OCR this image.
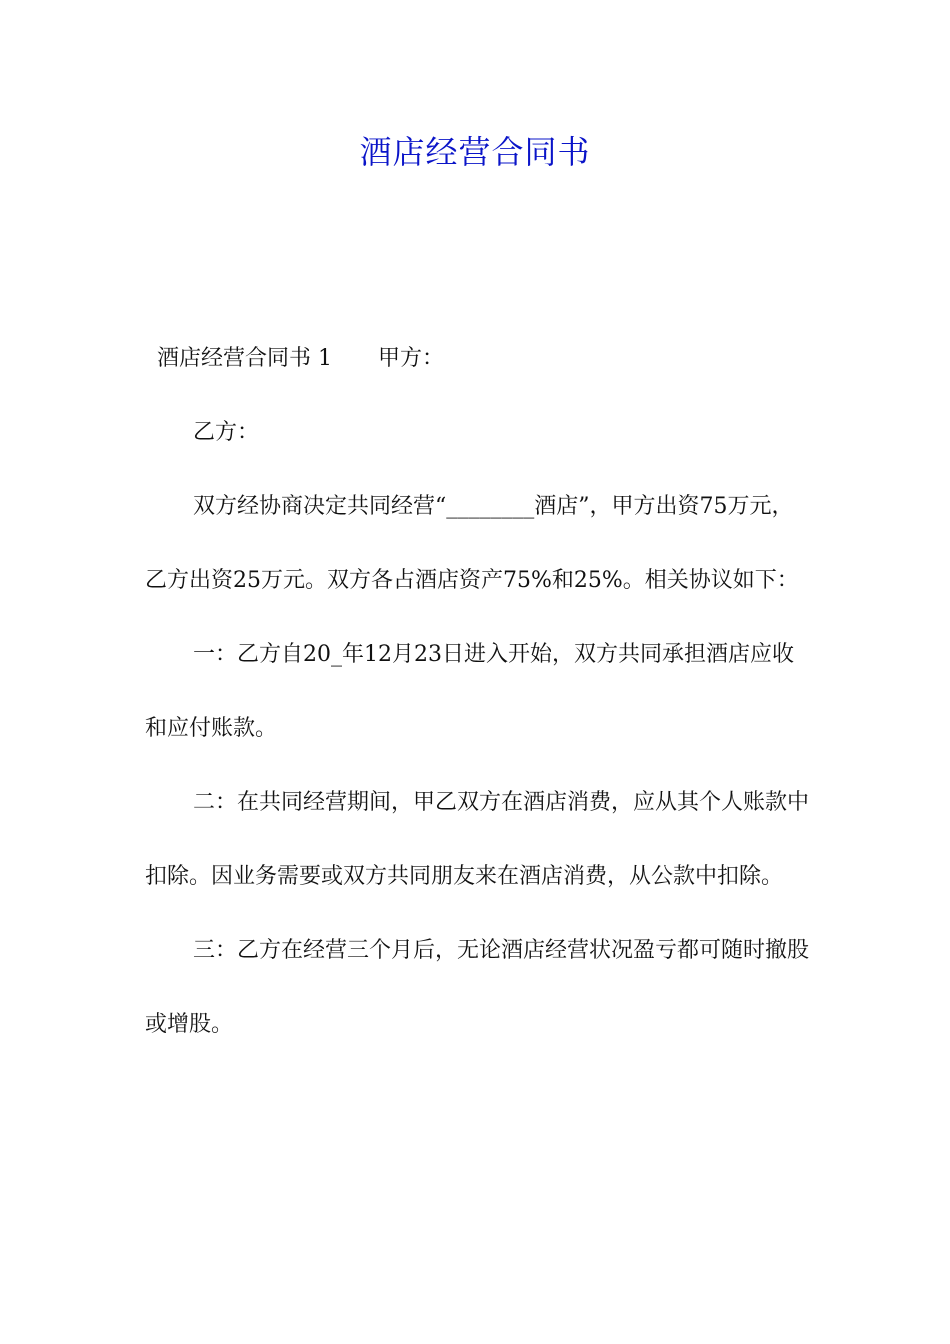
酒店经营合同书

酒店经营合同书 1 甲方：

乙方：

双方经协商决定共同经营“________酒店”，甲方出资75万元，乙方出资25万元。双方各占酒店资产75%和25%。相关协议如下：

一：乙方自20_年12月23日进入开始，双方共同承担酒店应收和应付账款。

二：在共同经营期间，甲乙双方在酒店消费，应从其个人账款中扣除。因业务需要或双方共同朋友来在酒店消费，从公款中扣除。

三：乙方在经营三个月后，无论酒店经营状况盈亏都可随时撤股或增股。
